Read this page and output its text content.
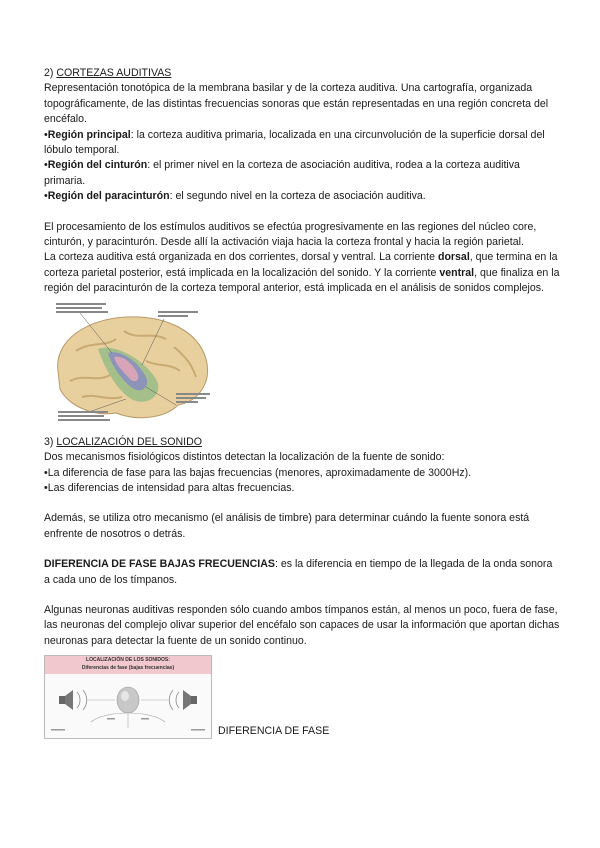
2) CORTEZAS AUDITIVAS

Representación tonotópica de la membrana basilar y de la corteza auditiva. Una cartografía, organizada topográficamente, de las distintas frecuencias sonoras que están representadas en una región concreta del encéfalo.

•Región principal: la corteza auditiva primaria, localizada en una circunvolución de la superficie dorsal del lóbulo temporal.

•Región del cinturón: el primer nivel en la corteza de asociación auditiva, rodea a la corteza auditiva primaria.

•Región del paracinturón: el segundo nivel en la corteza de asociación auditiva.

El procesamiento de los estímulos auditivos se efectúa progresivamente en las regiones del núcleo core, cinturón, y paracinturón. Desde allí la activación viaja hacia la corteza frontal y hacia la región parietal.

La corteza auditiva está organizada en dos corrientes, dorsal y ventral. La corriente dorsal, que termina en la corteza parietal posterior, está implicada en la localización del sonido. Y la corriente ventral, que finaliza en la región del paracinturón de la corteza temporal anterior, está implicada en el análisis de sonidos complejos.

3) LOCALIZACIÓN DEL SONIDO

Dos mecanismos fisiológicos distintos detectan la localización de la fuente de sonido:

•La diferencia de fase para las bajas frecuencias (menores, aproximadamente de 3000Hz).

•Las diferencias de intensidad para altas frecuencias.

Además, se utiliza otro mecanismo (el análisis de timbre) para determinar cuándo la fuente sonora está enfrente de nosotros o detrás.

DIFERENCIA DE FASE BAJAS FRECUENCIAS: es la diferencia en tiempo de la llegada de la onda sonora a cada uno de los tímpanos.

Algunas neuronas auditivas responden sólo cuando ambos tímpanos están, al menos un poco, fuera de fase, las neuronas del complejo olivar superior del encéfalo son capaces de usar la información que aportan dichas neuronas para detectar la fuente de un sonido continuo.

LOCALIZACIÓN DE LOS SONIDOS:
Diferencias de fase (bajas frecuencias)
DIFERENCIA DE FASE
